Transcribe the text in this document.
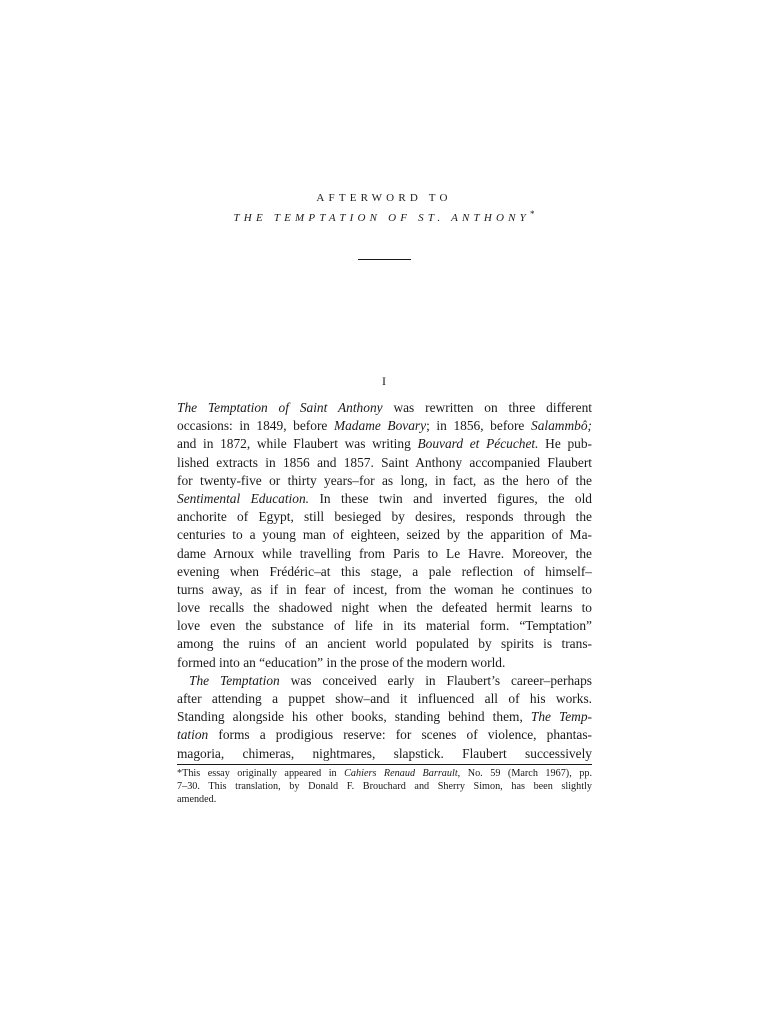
AFTERWORD TO
THE TEMPTATION OF ST. ANTHONY*
I
The Temptation of Saint Anthony was rewritten on three different
occasions: in 1849, before Madame Bovary; in 1856, before Salammbô;
and in 1872, while Flaubert was writing Bouvard et Pécuchet. He pub-
lished extracts in 1856 and 1857. Saint Anthony accompanied Flaubert
for twenty-five or thirty years–for as long, in fact, as the hero of the
Sentimental Education. In these twin and inverted figures, the old
anchorite of Egypt, still besieged by desires, responds through the
centuries to a young man of eighteen, seized by the apparition of Ma-
dame Arnoux while travelling from Paris to Le Havre. Moreover, the
evening when Frédéric–at this stage, a pale reflection of himself–
turns away, as if in fear of incest, from the woman he continues to
love recalls the shadowed night when the defeated hermit learns to
love even the substance of life in its material form. “Temptation”
among the ruins of an ancient world populated by spirits is trans-
formed into an “education” in the prose of the modern world.
The Temptation was conceived early in Flaubert’s career–perhaps
after attending a puppet show–and it influenced all of his works.
Standing alongside his other books, standing behind them, The Temp-
tation forms a prodigious reserve: for scenes of violence, phantas-
magoria, chimeras, nightmares, slapstick. Flaubert successively
*This essay originally appeared in Cahiers Renaud Barrault, No. 59 (March 1967), pp.
7–30. This translation, by Donald F. Brouchard and Sherry Simon, has been slightly
amended.
